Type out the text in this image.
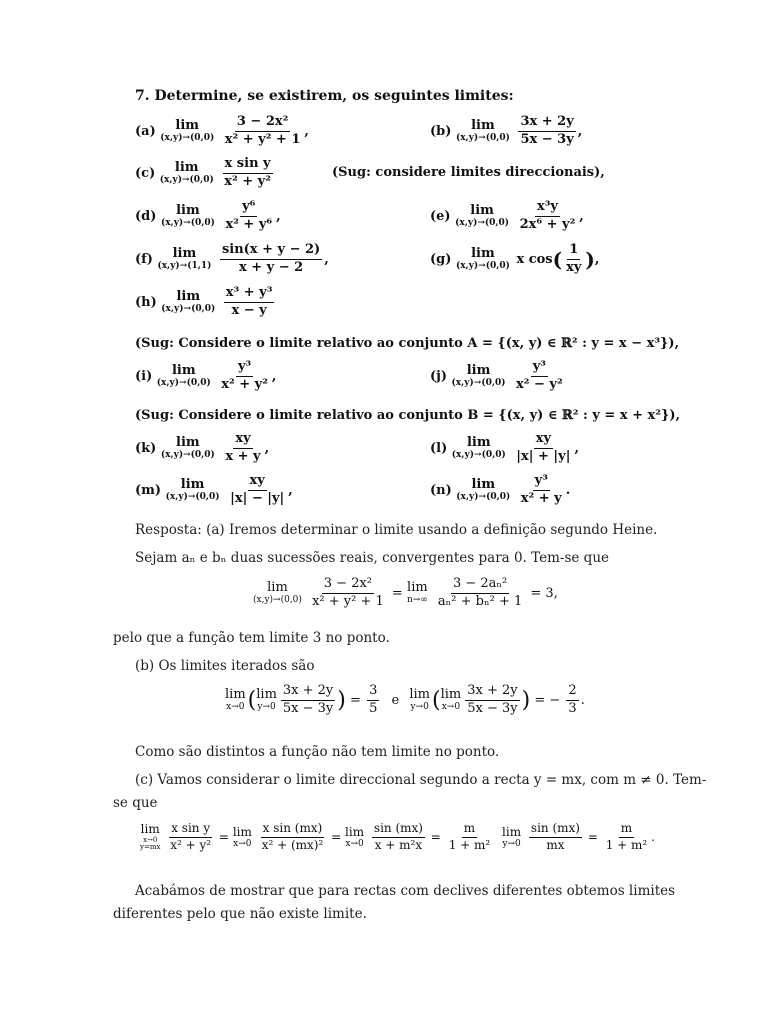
7. Determine, se existirem, os seguintes limites:
(a) lim
(x,y)→(0,0)
$\frac{\text{3 − 2x²}}{\text{x² + y² + 1}}$ ,	(b) lim
(x,y)→(0,0)
$\frac{3x + 2y}{5x - 3y}$ ,
(c) lim
(x,y)→(0,0)
$\frac{\text{x sin y}}{\text{x² + y²}}$	(Sug: considere limites direccionais),
(d) lim
(x,y)→(0,0)
$\frac{\text{y⁶}}{\text{x² + y⁶}}$ ,	(e) lim
(x,y)→(0,0)
$\frac{\text{x³y}}{\text{2x⁶ + y²}}$ ,
(f) lim
(x,y)→(1,1)
$\frac{\sin(x + y - 2)}{x + y - 2}$ ,	(g) lim
(x,y)→(0,0) x $\cos( \frac{1}{xy}$ ),
(h) lim
(x,y)→(0,0)
$\frac{\text{x³ + y³}}{x - y}$
(Sug: Considere o limite relativo ao conjunto A = {(x, y) ∈ ℝ² : y = x − x³}),
(i) lim
(x,y)→(0,0)
$\frac{\text{y³}}{\text{x² + y²}}$ ,	(j) lim
(x,y)→(0,0)
$\frac{\text{y³}}{\text{x² − y²}}$
(Sug: Considere o limite relativo ao conjunto B = {(x, y) ∈ ℝ² : y = x + x²}),
(k) lim
(x,y)→(0,0)
$\frac{xy}{x + y}$ ,	(l) lim
(x,y)→(0,0)
$\frac{xy}{|x| + |y|}$ ,
(m) lim
(x,y)→(0,0)
$\frac{xy}{|x| - |y|}$ ,	(n) lim
(x,y)→(0,0)
$\frac{\text{y³}}{\text{x² + y}}$ .
Resposta: (a) Iremos determinar o limite usando a definição segundo Heine.
Sejam aₙ e bₙ duas sucessões reais, convergentes para 0. Tem-se que
lim
(x,y)→(0,0)
$\frac{\text{3 − 2x²}}{\text{x² + y² + 1}} = \lim$
n→∞
$\frac{\text{3 − 2aₙ²}}{\text{aₙ² + bₙ² + 1}} = 3$,
pelo que a função tem limite 3 no ponto.
(b) Os limites iterados são
lim
x→0 ( lim
$y\to 0 \frac{3x + 2y}{5x - 3y}$ ) = $\frac{3}{5}$ e lim
y→0 ( lim
$x\to 0 \frac{3x + 2y}{5x - 3y}$ ) = − $\frac{2}{3}$ .
Como são distintos a função não tem limite no ponto.
(c) Vamos considerar o limite direccional segundo a recta y = mx, com m ≠ 0. Tem-
se que
lim
x→0
y=mx
$\frac{\text{x sin y}}{\text{x² + y²}} = \lim$
x→0
$\frac{\text{x sin (mx)}}{\text{x² + (mx)²}} = \lim$
x→0
$\frac{\sin (mx)}{\text{x + m²x}} = \frac{m}{\text{1 + m²}}$
lim
y→0
$\frac{\sin (mx)}{mx} = \frac{m}{\text{1 + m²}}$ .
Acabámos de mostrar que para rectas com declives diferentes obtemos limites
diferentes pelo que não existe limite.
